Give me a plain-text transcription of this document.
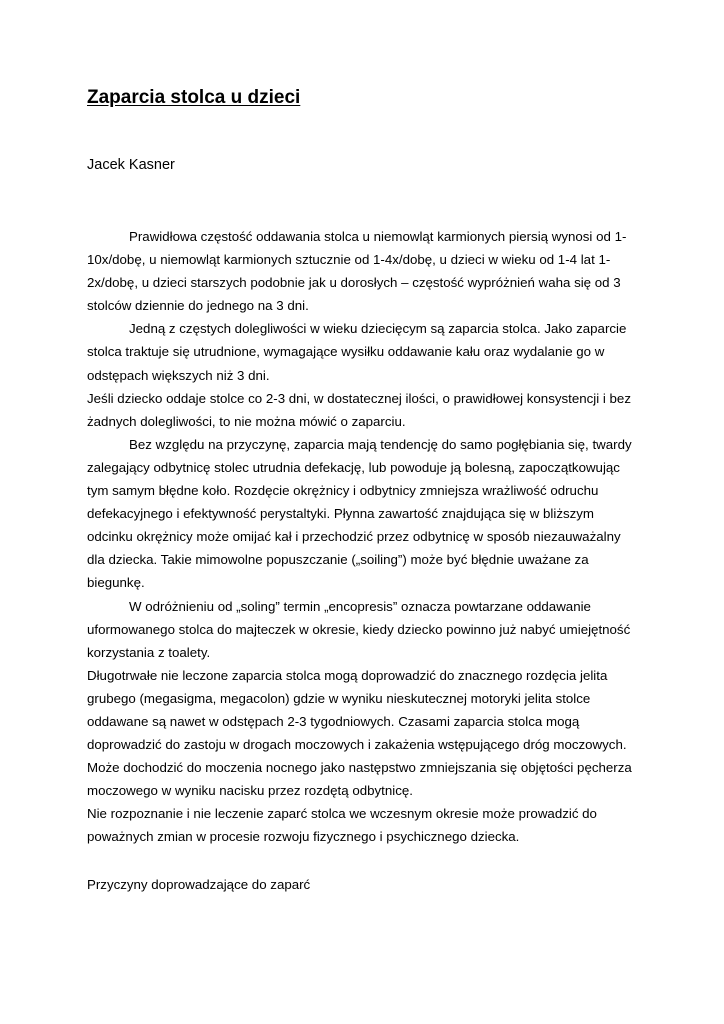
Zaparcia stolca u dzieci

Jacek Kasner

Prawidłowa częstość oddawania stolca u niemowląt karmionych piersią wynosi od 1-
10x/dobę, u niemowląt karmionych sztucznie od 1-4x/dobę, u dzieci w wieku od 1-4 lat 1-
2x/dobę, u dzieci starszych podobnie jak u dorosłych – częstość wypróżnień waha się od 3
stolców dziennie do jednego na 3 dni.

Jedną z częstych dolegliwości w wieku dziecięcym są zaparcia stolca. Jako zaparcie
stolca traktuje się utrudnione, wymagające wysiłku oddawanie kału oraz wydalanie go w
odstępach większych niż 3 dni.

Jeśli dziecko oddaje stolce co 2-3 dni, w dostatecznej ilości, o prawidłowej konsystencji i bez
żadnych dolegliwości, to nie można mówić o zaparciu.

Bez względu na przyczynę, zaparcia mają tendencję do samo pogłębiania się, twardy
zalegający odbytnicę stolec utrudnia defekację, lub powoduje ją bolesną, zapoczątkowując
tym samym błędne koło. Rozdęcie okrężnicy i odbytnicy zmniejsza wrażliwość odruchu
defekacyjnego i efektywność perystaltyki. Płynna zawartość znajdująca się w bliższym
odcinku okrężnicy może omijać kał i przechodzić przez odbytnicę w sposób niezauważalny
dla dziecka. Takie mimowolne popuszczanie („soiling”) może być błędnie uważane za
biegunkę.

W odróżnieniu od „soling” termin „encopresis” oznacza powtarzane oddawanie
uformowanego stolca do majteczek w okresie, kiedy dziecko powinno już nabyć umiejętność
korzystania z toalety.

Długotrwałe nie leczone zaparcia stolca mogą doprowadzić do znacznego rozdęcia jelita
grubego (megasigma, megacolon) gdzie w wyniku nieskutecznej motoryki jelita stolce
oddawane są nawet w odstępach 2-3 tygodniowych. Czasami zaparcia stolca mogą
doprowadzić do zastoju w drogach moczowych i zakażenia wstępującego dróg moczowych.
Może dochodzić do moczenia nocnego jako następstwo zmniejszania się objętości pęcherza
moczowego w wyniku nacisku przez rozdętą odbytnicę.

Nie rozpoznanie i nie leczenie zaparć stolca we wczesnym okresie może prowadzić do
poważnych zmian w procesie rozwoju fizycznego i psychicznego dziecka.

Przyczyny doprowadzające do zaparć
